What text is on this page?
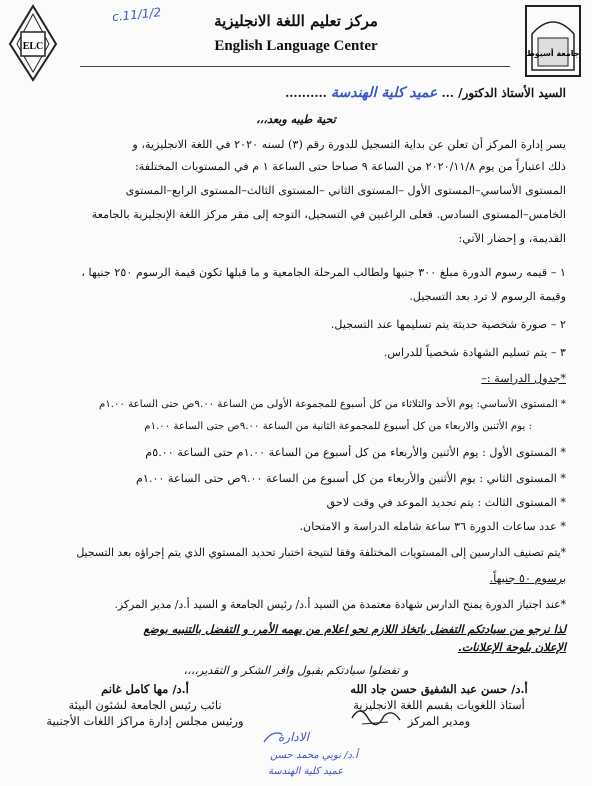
ELC
جامعة أسيوط
c.11/1/2	مركز تعليم اللغة الانجليزية
English Language Center
السيد الأستاذ الدكتور/ ... عميد كلية الهندسة ..........
تحية طيبه وبعد،،،
يسر إدارة المركز أن تعلن عن بداية التسجيل للدورة رقم (٣) لسنه ٢٠٢٠ في اللغة الانجليزية، و
ذلك اعتباراً من يوم ٢٠٢٠/١١/٨ من الساعة ٩ صباحا حتى الساعة ١ م في المستويات المختلفة:
المستوى الأساسي–المستوى الأول –المستوى الثاني –المستوى الثالث–المستوى الرابع–المستوى
الخامس–المستوى السادس. فعلى الراغبين في التسجيل، التوجه إلى مقر مركز اللغة الإنجليزية بالجامعة
القديمة، و إحضار الآتي:
١ – قيمه رسوم الدورة مبلغ ٣٠٠ جنيها ولطالب المرحلة الجامعية و ما قبلها تكون قيمة الرسوم ٢٥٠ جنيها ،
وقيمة الرسوم لا ترد بعد التسجيل.
٢ – صورة شخصية حديثة يتم تسليمها عند التسجيل.
٣ – يتم تسليم الشهادة شخصياً للدراس.
*جدول الدراسة :–
* المستوى الأساسي: يوم الأحد والثلاثاء من كل أسبوع للمجموعة الأولى من الساعة ٩.٠٠ص حتى الساعة ١.٠٠م
: يوم الأثنين والاربعاء من كل أسبوع للمجموعة الثانية من الساعة ٩.٠٠ص حتى الساعة ١.٠٠م
* المستوى الأول : يوم الأثنين والأربعاء من كل أسبوع من الساعة ١.٠٠م حتى الساعة ٥.٠٠م
* المستوى الثاني : يوم الأثنين والأربعاء من كل أسبوع من الساعة ٩.٠٠ص حتى الساعة ١.٠٠م
* المستوى الثالث : يتم تحديد الموعد في وقت لاحق
* عدد ساعات الدورة ٣٦ ساعة شامله الدراسة و الامتحان.
*يتم تصنيف الدارسين إلى المستويات المختلفة وفقا لنتيجة اختبار تحديد المستوي الذي يتم إجراؤه بعد التسجيل
برسوم ٥٠ جنيهاً.
*عند اجتياز الدورة يمنح الدارس شهادة معتمدة من السيد أ.د/ رئيس الجامعة و السيد أ.د/ مدير المركز.
لذا نرجو من سيادتكم التفضل باتخاذ اللازم نحو اعلام من يهمه الأمر، و التفضل بالتنبيه بوضع
الإعلان بلوحة الإعلانات.
و تفضلوا سيادتكم بقبول وافر الشكر و التقدير،،،،
أ.د/ مها كامل غانم
نائب رئيس الجامعة لشئون البيئة
ورئيس مجلس إدارة مراكز اللغات الأجنبية
أ.د/ حسن عبد الشفيق حسن جاد الله
أستاذ اللغويات بقسم اللغة الانجليزية
ومدير المركز
الادارة
أ.د/ نوبي محمد حسن
عميد كلية الهندسة
